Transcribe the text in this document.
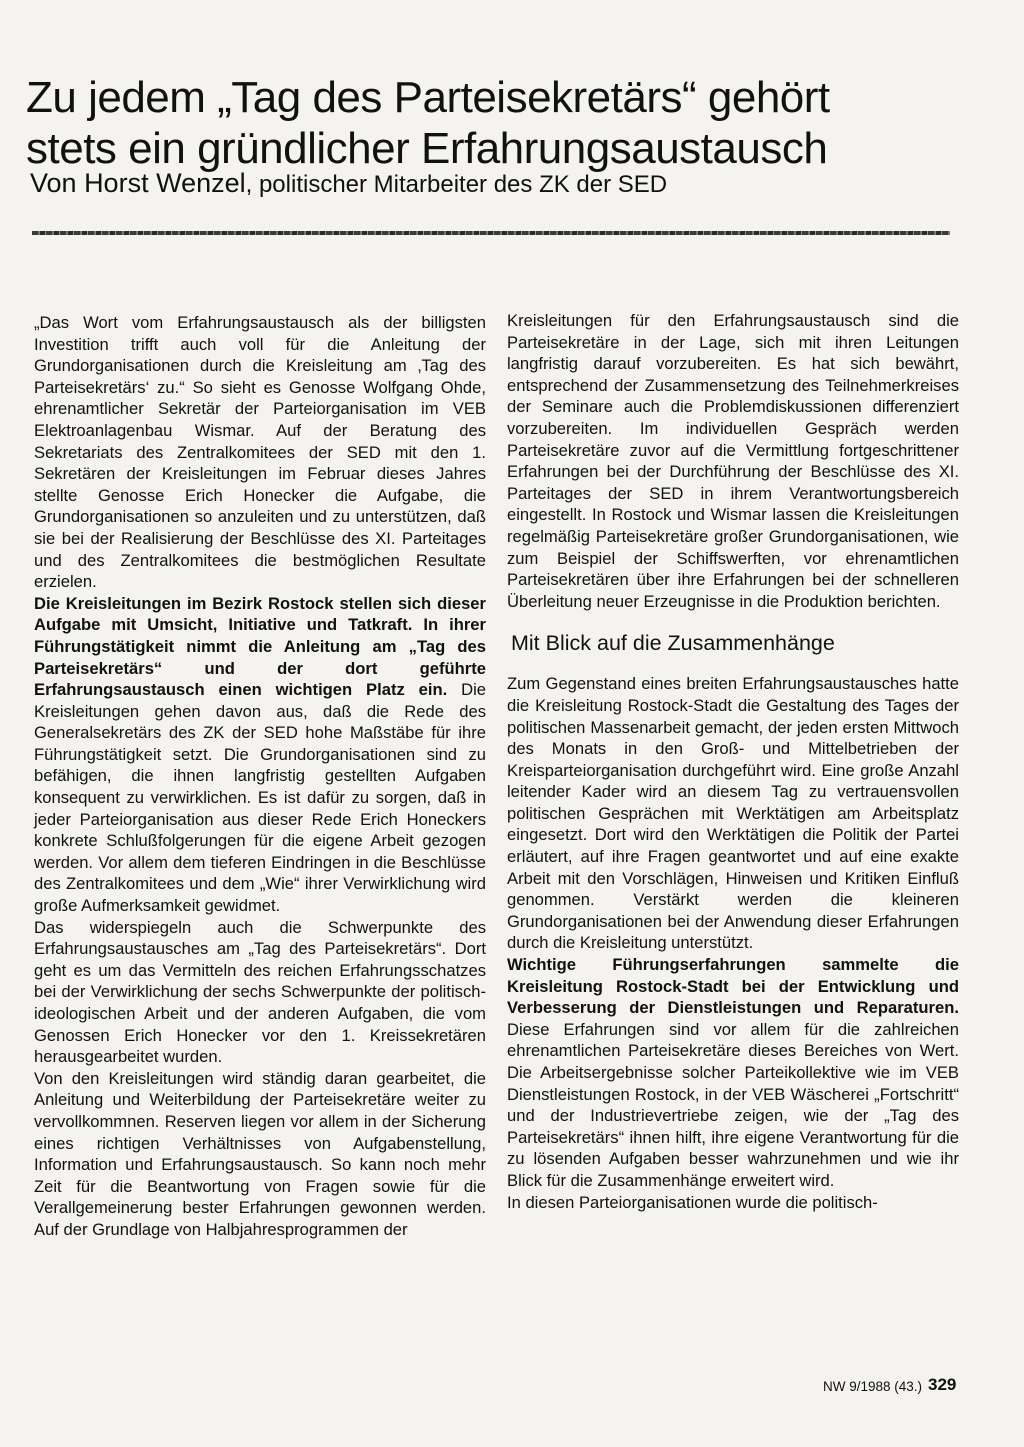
Zu jedem „Tag des Parteisekretärs“ gehört
stets ein gründlicher Erfahrungsaustausch
Von Horst Wenzel, politischer Mitarbeiter des ZK der SED

„Das Wort vom Erfahrungsaustausch als der billigsten Investition trifft auch voll für die Anleitung der Grundorganisationen durch die Kreisleitung am ‚Tag des Parteisekretärs‘ zu.“ So sieht es Genosse Wolfgang Ohde, ehrenamtlicher Sekretär der Parteiorganisation im VEB Elektroanlagenbau Wismar. Auf der Beratung des Sekretariats des Zentralkomitees der SED mit den 1. Sekretären der Kreisleitungen im Februar dieses Jahres stellte Genosse Erich Honecker die Aufgabe, die Grundorganisationen so anzuleiten und zu unterstützen, daß sie bei der Realisierung der Beschlüsse des XI. Parteitages und des Zentralkomitees die bestmöglichen Resultate erzielen.

Die Kreisleitungen im Bezirk Rostock stellen sich dieser Aufgabe mit Umsicht, Initiative und Tatkraft. In ihrer Führungstätigkeit nimmt die Anleitung am „Tag des Parteisekretärs“ und der dort geführte Erfahrungsaustausch einen wichtigen Platz ein. Die Kreisleitungen gehen davon aus, daß die Rede des Generalsekretärs des ZK der SED hohe Maßstäbe für ihre Führungstätigkeit setzt. Die Grundorganisationen sind zu befähigen, die ihnen langfristig gestellten Aufgaben konsequent zu verwirklichen. Es ist dafür zu sorgen, daß in jeder Parteiorganisation aus dieser Rede Erich Honeckers konkrete Schlußfolgerungen für die eigene Arbeit gezogen werden. Vor allem dem tieferen Eindringen in die Beschlüsse des Zentralkomitees und dem „Wie“ ihrer Verwirklichung wird große Aufmerksamkeit gewidmet.

Das widerspiegeln auch die Schwerpunkte des Erfahrungsaustausches am „Tag des Parteisekretärs“. Dort geht es um das Vermitteln des reichen Erfahrungsschatzes bei der Verwirklichung der sechs Schwerpunkte der politisch-ideologischen Arbeit und der anderen Aufgaben, die vom Genossen Erich Honecker vor den 1. Kreissekretären herausgearbeitet wurden.

Von den Kreisleitungen wird ständig daran gearbeitet, die Anleitung und Weiterbildung der Parteisekretäre weiter zu vervollkommnen. Reserven liegen vor allem in der Sicherung eines richtigen Verhältnisses von Aufgabenstellung, Information und Erfahrungsaustausch. So kann noch mehr Zeit für die Beantwortung von Fragen sowie für die Verallgemeinerung bester Erfahrungen gewonnen werden. Auf der Grundlage von Halbjahresprogrammen der

Kreisleitungen für den Erfahrungsaustausch sind die Parteisekretäre in der Lage, sich mit ihren Leitungen langfristig darauf vorzubereiten. Es hat sich bewährt, entsprechend der Zusammensetzung des Teilnehmerkreises der Seminare auch die Problemdiskussionen differenziert vorzubereiten. Im individuellen Gespräch werden Parteisekretäre zuvor auf die Vermittlung fortgeschrittener Erfahrungen bei der Durchführung der Beschlüsse des XI. Parteitages der SED in ihrem Verantwortungsbereich eingestellt. In Rostock und Wismar lassen die Kreisleitungen regelmäßig Parteisekretäre großer Grundorganisationen, wie zum Beispiel der Schiffswerften, vor ehrenamtlichen Parteisekretären über ihre Erfahrungen bei der schnelleren Überleitung neuer Erzeugnisse in die Produktion berichten.

Mit Blick auf die Zusammenhänge

Zum Gegenstand eines breiten Erfahrungsaustausches hatte die Kreisleitung Rostock-Stadt die Gestaltung des Tages der politischen Massenarbeit gemacht, der jeden ersten Mittwoch des Monats in den Groß- und Mittelbetrieben der Kreisparteiorganisation durchgeführt wird. Eine große Anzahl leitender Kader wird an diesem Tag zu vertrauensvollen politischen Gesprächen mit Werktätigen am Arbeitsplatz eingesetzt. Dort wird den Werktätigen die Politik der Partei erläutert, auf ihre Fragen geantwortet und auf eine exakte Arbeit mit den Vorschlägen, Hinweisen und Kritiken Einfluß genommen. Verstärkt werden die kleineren Grundorganisationen bei der Anwendung dieser Erfahrungen durch die Kreisleitung unterstützt.

Wichtige Führungserfahrungen sammelte die Kreisleitung Rostock-Stadt bei der Entwicklung und Verbesserung der Dienstleistungen und Reparaturen. Diese Erfahrungen sind vor allem für die zahlreichen ehrenamtlichen Parteisekretäre dieses Bereiches von Wert. Die Arbeitsergebnisse solcher Parteikollektive wie im VEB Dienstleistungen Rostock, in der VEB Wäscherei „Fortschritt“ und der Industrievertriebe zeigen, wie der „Tag des Parteisekretärs“ ihnen hilft, ihre eigene Verantwortung für die zu lösenden Aufgaben besser wahrzunehmen und wie ihr Blick für die Zusammenhänge erweitert wird.

In diesen Parteiorganisationen wurde die politisch-

NW 9/1988 (43.) 329
